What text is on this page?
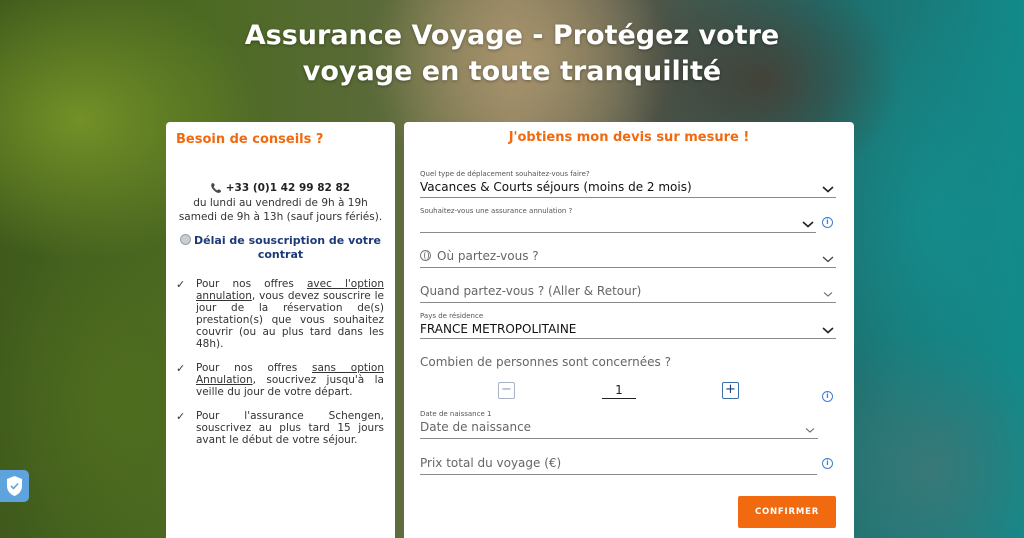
Assurance Voyage - Protégez votre
voyage en toute tranquilité
Besoin de conseils ?
📞 +33 (0)1 42 99 82 82
du lundi au vendredi de 9h à 19h
samedi de 9h à 13h (sauf jours fériés).
Délai de souscription de votre contrat
✓	Pour nos offres avec l'option annulation, vous devez souscrire le jour de la réservation de(s) prestation(s) que vous souhaitez couvrir (ou au plus tard dans les 48h).

✓	Pour nos offres sans option Annulation, soucrivez jusqu'à la veille du jour de votre départ.

✓	Pour l'assurance Schengen, souscrivez au plus tard 15 jours avant le début de votre séjour.

J'obtiens mon devis sur mesure !
Quel type de déplacement souhaitez-vous faire?
Vacances & Courts séjours (moins de 2 mois)
Souhaitez-vous une assurance annulation ?
i
Où partez-vous ?
Quand partez-vous ? (Aller & Retour)
Pays de résidence
FRANCE METROPOLITAINE
Combien de personnes sont concernées ?
−	1	+	i
Date de naissance 1
Date de naissance
Prix total du voyage (€)	i
CONFIRMER
